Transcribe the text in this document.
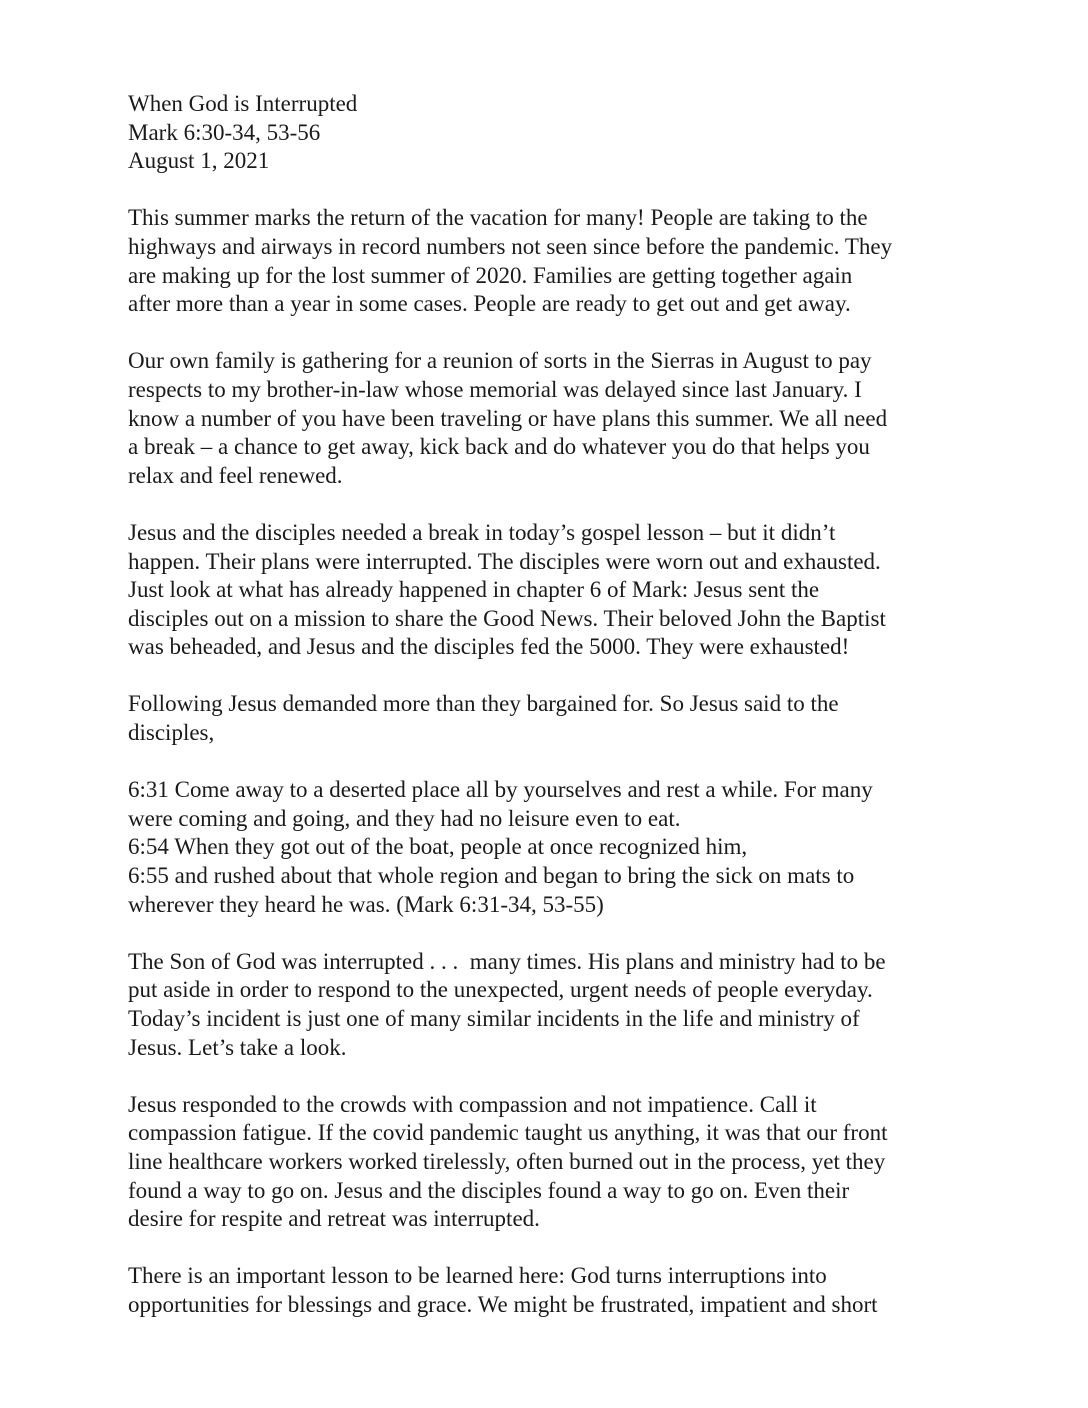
When God is Interrupted
Mark 6:30-34, 53-56
August 1, 2021
This summer marks the return of the vacation for many! People are taking to the
highways and airways in record numbers not seen since before the pandemic. They
are making up for the lost summer of 2020. Families are getting together again
after more than a year in some cases. People are ready to get out and get away.
Our own family is gathering for a reunion of sorts in the Sierras in August to pay
respects to my brother-in-law whose memorial was delayed since last January. I
know a number of you have been traveling or have plans this summer. We all need
a break – a chance to get away, kick back and do whatever you do that helps you
relax and feel renewed.
Jesus and the disciples needed a break in today’s gospel lesson – but it didn’t
happen. Their plans were interrupted. The disciples were worn out and exhausted.
Just look at what has already happened in chapter 6 of Mark: Jesus sent the
disciples out on a mission to share the Good News. Their beloved John the Baptist
was beheaded, and Jesus and the disciples fed the 5000. They were exhausted!
Following Jesus demanded more than they bargained for. So Jesus said to the
disciples,
6:31 Come away to a deserted place all by yourselves and rest a while. For many
were coming and going, and they had no leisure even to eat.
6:54 When they got out of the boat, people at once recognized him,
6:55 and rushed about that whole region and began to bring the sick on mats to
wherever they heard he was. (Mark 6:31-34, 53-55)
The Son of God was interrupted . . .  many times. His plans and ministry had to be
put aside in order to respond to the unexpected, urgent needs of people everyday.
Today’s incident is just one of many similar incidents in the life and ministry of
Jesus. Let’s take a look.
Jesus responded to the crowds with compassion and not impatience. Call it
compassion fatigue. If the covid pandemic taught us anything, it was that our front
line healthcare workers worked tirelessly, often burned out in the process, yet they
found a way to go on. Jesus and the disciples found a way to go on. Even their
desire for respite and retreat was interrupted.
There is an important lesson to be learned here: God turns interruptions into
opportunities for blessings and grace. We might be frustrated, impatient and short
